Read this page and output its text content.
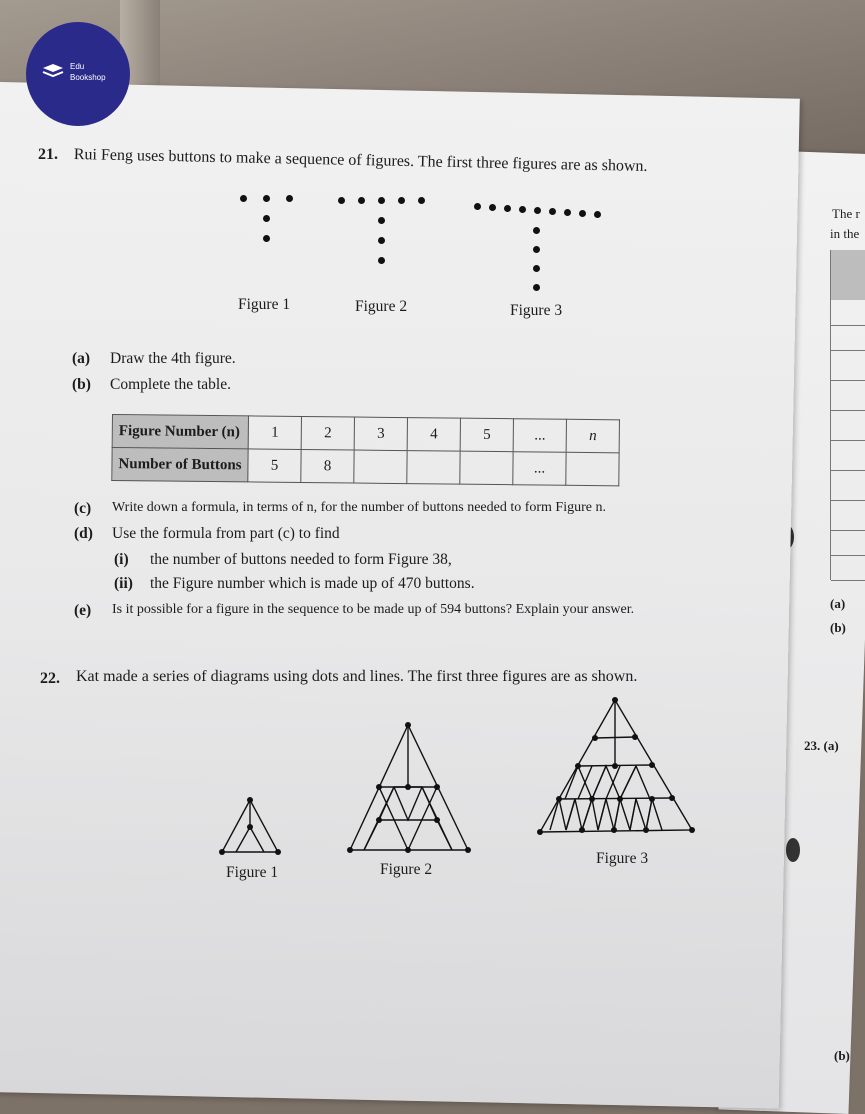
The r
in the
(a)
(b)
23. (a)
(b)
Edu
Bookshop
21. Rui Feng uses buttons to make a sequence of figures. The first three figures are as shown.
Figure 1	Figure 2	Figure 3
(a) Draw the 4th figure.
(b) Complete the table.
Figure Number (n)	1	2	3	4	5	...	n
Number of Buttons	5	8				...	
(c) Write down a formula, in terms of n, for the number of buttons needed to form Figure n.
(d) Use the formula from part (c) to find
(i) the number of buttons needed to form Figure 38,
(ii) the Figure number which is made up of 470 buttons.
(e) Is it possible for a figure in the sequence to be made up of 594 buttons? Explain your answer.
22. Kat made a series of diagrams using dots and lines. The first three figures are as shown.
Figure 1	Figure 2
Figure 3
